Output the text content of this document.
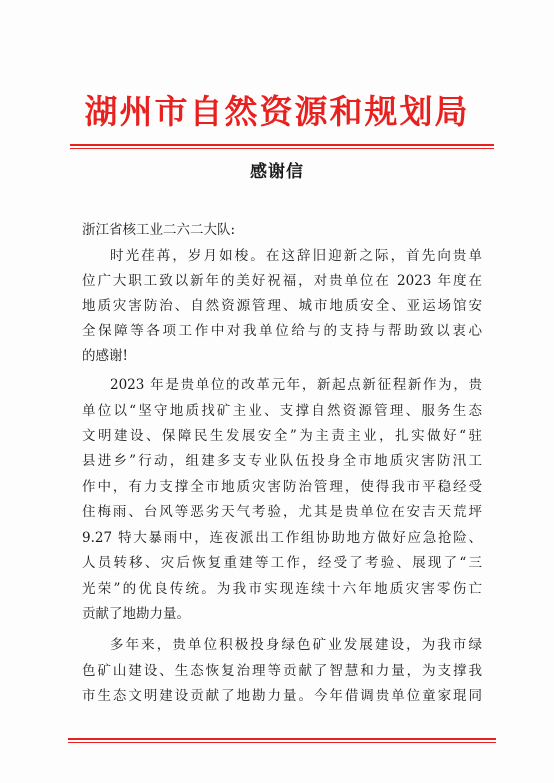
湖州市自然资源和规划局
感谢信
浙江省核工业二六二大队:
时光荏苒，岁月如梭。在这辞旧迎新之际，首先向贵单
位广大职工致以新年的美好祝福，对贵单位在 2023 年度在
地质灾害防治、自然资源管理、城市地质安全、亚运场馆安
全保障等各项工作中对我单位给与的支持与帮助致以衷心
的感谢!
2023 年是贵单位的改革元年，新起点新征程新作为，贵
单位以“坚守地质找矿主业、支撑自然资源管理、服务生态
文明建设、保障民生发展安全”为主责主业，扎实做好“驻
县进乡”行动，组建多支专业队伍投身全市地质灾害防汛工
作中，有力支撑全市地质灾害防治管理，使得我市平稳经受
住梅雨、台风等恶劣天气考验，尤其是贵单位在安吉天荒坪
9.27 特大暴雨中，连夜派出工作组协助地方做好应急抢险、
人员转移、灾后恢复重建等工作，经受了考验、展现了“三
光荣”的优良传统。为我市实现连续十六年地质灾害零伤亡
贡献了地勘力量。
多年来，贵单位积极投身绿色矿业发展建设，为我市绿
色矿山建设、生态恢复治理等贡献了智慧和力量，为支撑我
市生态文明建设贡献了地勘力量。今年借调贵单位童家琨同
